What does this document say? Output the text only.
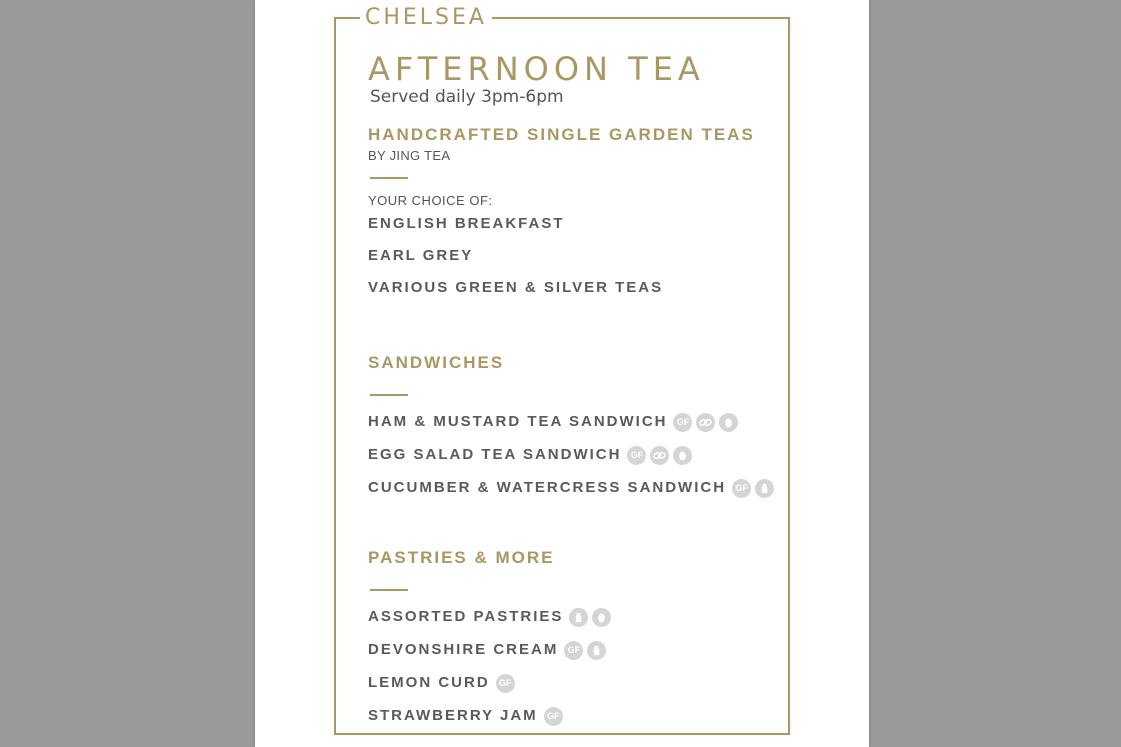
CHELSEA
AFTERNOON TEA
Served daily 3pm-6pm
HANDCRAFTED SINGLE GARDEN TEAS
BY JING TEA
YOUR CHOICE OF:
ENGLISH BREAKFAST
EARL GREY
VARIOUS GREEN & SILVER TEAS
SANDWICHES
HAM & MUSTARD TEA SANDWICH	GF
EGG SALAD TEA SANDWICH	GF
CUCUMBER & WATERCRESS SANDWICH	GF
PASTRIES & MORE
ASSORTED PASTRIES
DEVONSHIRE CREAM	GF
LEMON CURD	GF
STRAWBERRY JAM	GF
